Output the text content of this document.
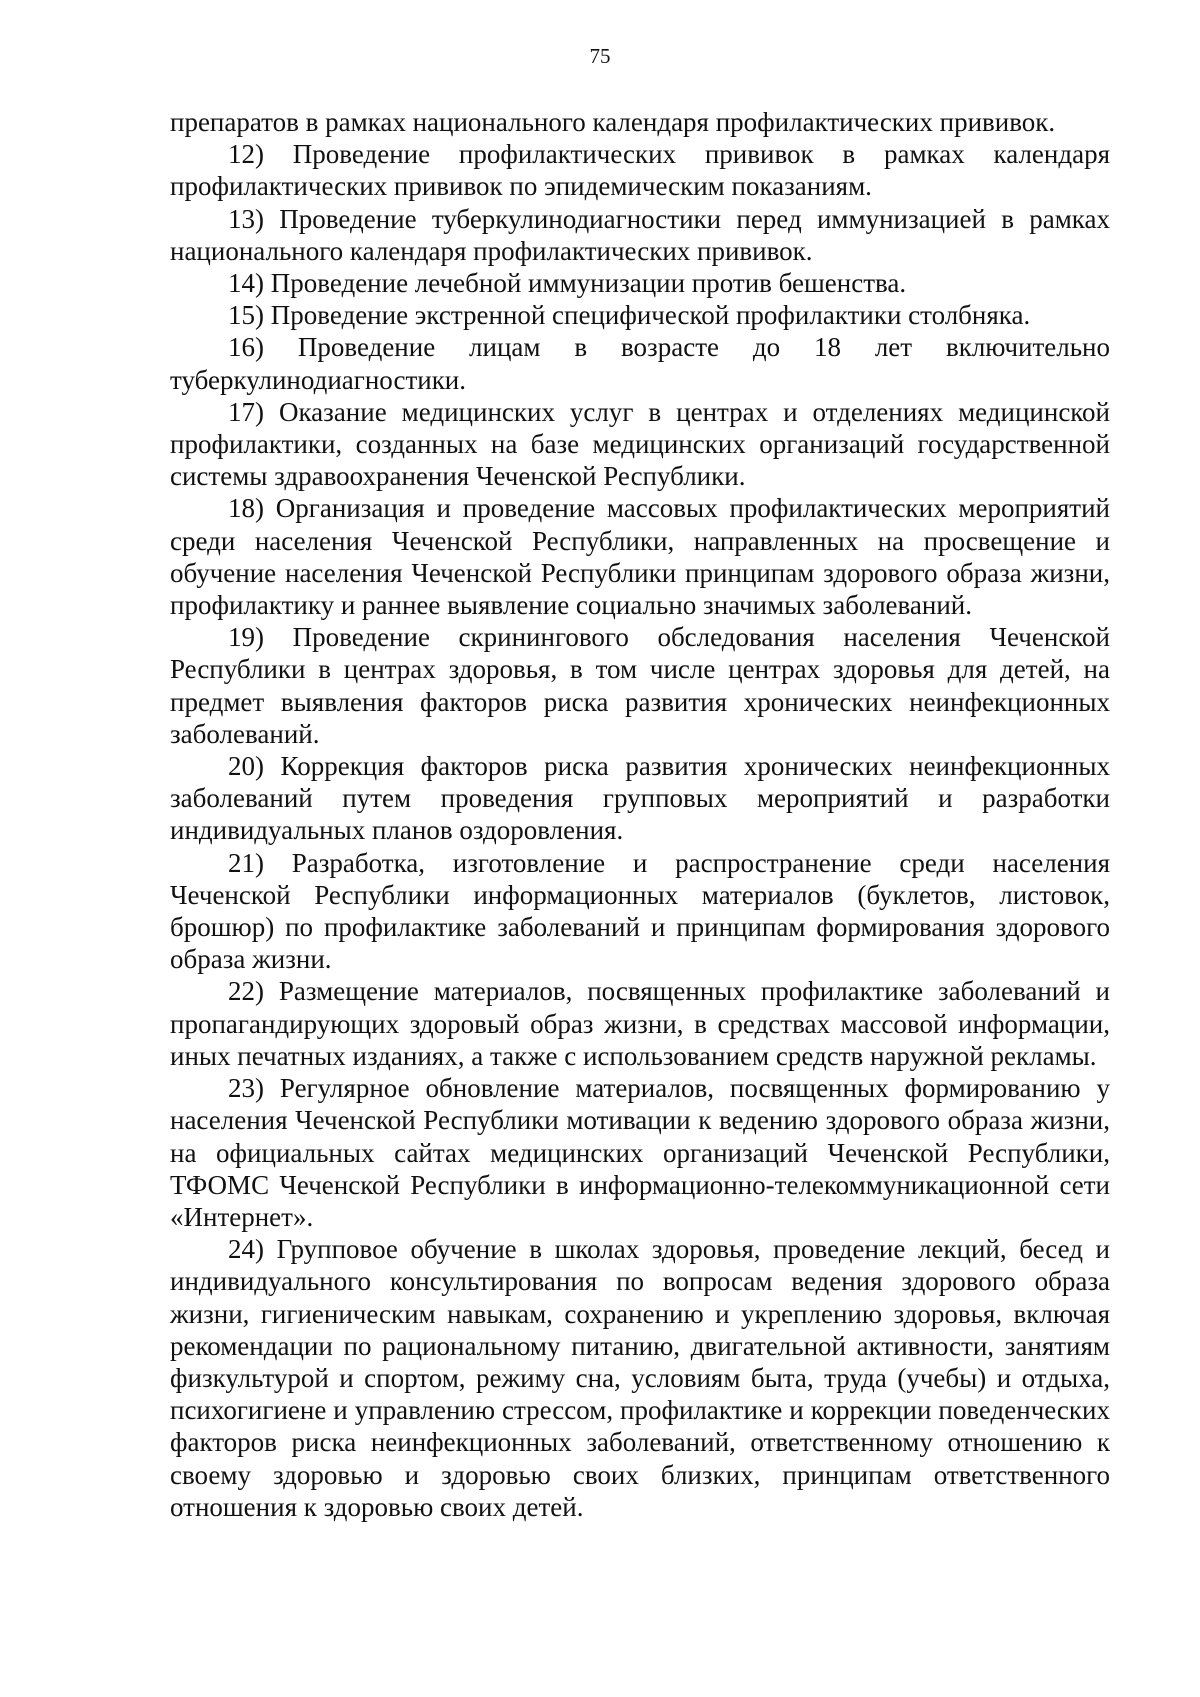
75

препаратов в рамках национального календаря профилактических прививок.

12) Проведение профилактических прививок в рамках календаря профилактических прививок по эпидемическим показаниям.

13) Проведение туберкулинодиагностики перед иммунизацией в рамках национального календаря профилактических прививок.

14) Проведение лечебной иммунизации против бешенства.

15) Проведение экстренной специфической профилактики столбняка.

16) Проведение лицам в возрасте до 18 лет включительно туберкулинодиагностики.

17) Оказание медицинских услуг в центрах и отделениях медицинской профилактики, созданных на базе медицинских организаций государственной системы здравоохранения Чеченской Республики.

18) Организация и проведение массовых профилактических мероприятий среди населения Чеченской Республики, направленных на просвещение и обучение населения Чеченской Республики принципам здорового образа жизни, профилактику и раннее выявление социально значимых заболеваний.

19) Проведение скринингового обследования населения Чеченской Республики в центрах здоровья, в том числе центрах здоровья для детей, на предмет выявления факторов риска развития хронических неинфекционных заболеваний.

20) Коррекция факторов риска развития хронических неинфекционных заболеваний путем проведения групповых мероприятий и разработки индивидуальных планов оздоровления.

21) Разработка, изготовление и распространение среди населения Чеченской Республики информационных материалов (буклетов, листовок, брошюр) по профилактике заболеваний и принципам формирования здорового образа жизни.

22) Размещение материалов, посвященных профилактике заболеваний и пропагандирующих здоровый образ жизни, в средствах массовой информации, иных печатных изданиях, а также с использованием средств наружной рекламы.

23) Регулярное обновление материалов, посвященных формированию у населения Чеченской Республики мотивации к ведению здорового образа жизни, на официальных сайтах медицинских организаций Чеченской Республики, ТФОМС Чеченской Республики в информационно-телекоммуникационной сети «Интернет».

24) Групповое обучение в школах здоровья, проведение лекций, бесед и индивидуального консультирования по вопросам ведения здорового образа жизни, гигиеническим навыкам, сохранению и укреплению здоровья, включая рекомендации по рациональному питанию, двигательной активности, занятиям физкультурой и спортом, режиму сна, условиям быта, труда (учебы) и отдыха, психогигиене и управлению стрессом, профилактике и коррекции поведенческих факторов риска неинфекционных заболеваний, ответственному отношению к своему здоровью и здоровью своих близких, принципам ответственного отношения к здоровью своих детей.
